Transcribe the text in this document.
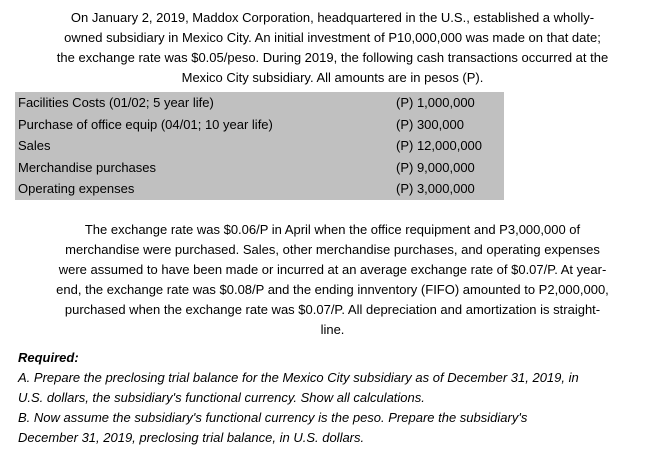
On January 2, 2019, Maddox Corporation, headquartered in the U.S., established a wholly-
owned subsidiary in Mexico City. An initial investment of P10,000,000 was made on that date;
the exchange rate was $0.05/peso. During 2019, the following cash transactions occurred at the
Mexico City subsidiary. All amounts are in pesos (P).
Facilities Costs (01/02; 5 year life)	(P) 1,000,000
Purchase of office equip (04/01; 10 year life)	(P) 300,000
Sales	(P) 12,000,000
Merchandise purchases	(P) 9,000,000
Operating expenses	(P) 3,000,000
The exchange rate was $0.06/P in April when the office requipment and P3,000,000 of
merchandise were purchased. Sales, other merchandise purchases, and operating expenses
were assumed to have been made or incurred at an average exchange rate of $0.07/P. At year-
end, the exchange rate was $0.08/P and the ending innventory (FIFO) amounted to P2,000,000,
purchased when the exchange rate was $0.07/P. All depreciation and amortization is straight-
line.
Required:
A. Prepare the preclosing trial balance for the Mexico City subsidiary as of December 31, 2019, in
U.S. dollars, the subsidiary's functional currency. Show all calculations.
B. Now assume the subsidiary's functional currency is the peso. Prepare the subsidiary's
December 31, 2019, preclosing trial balance, in U.S. dollars.
